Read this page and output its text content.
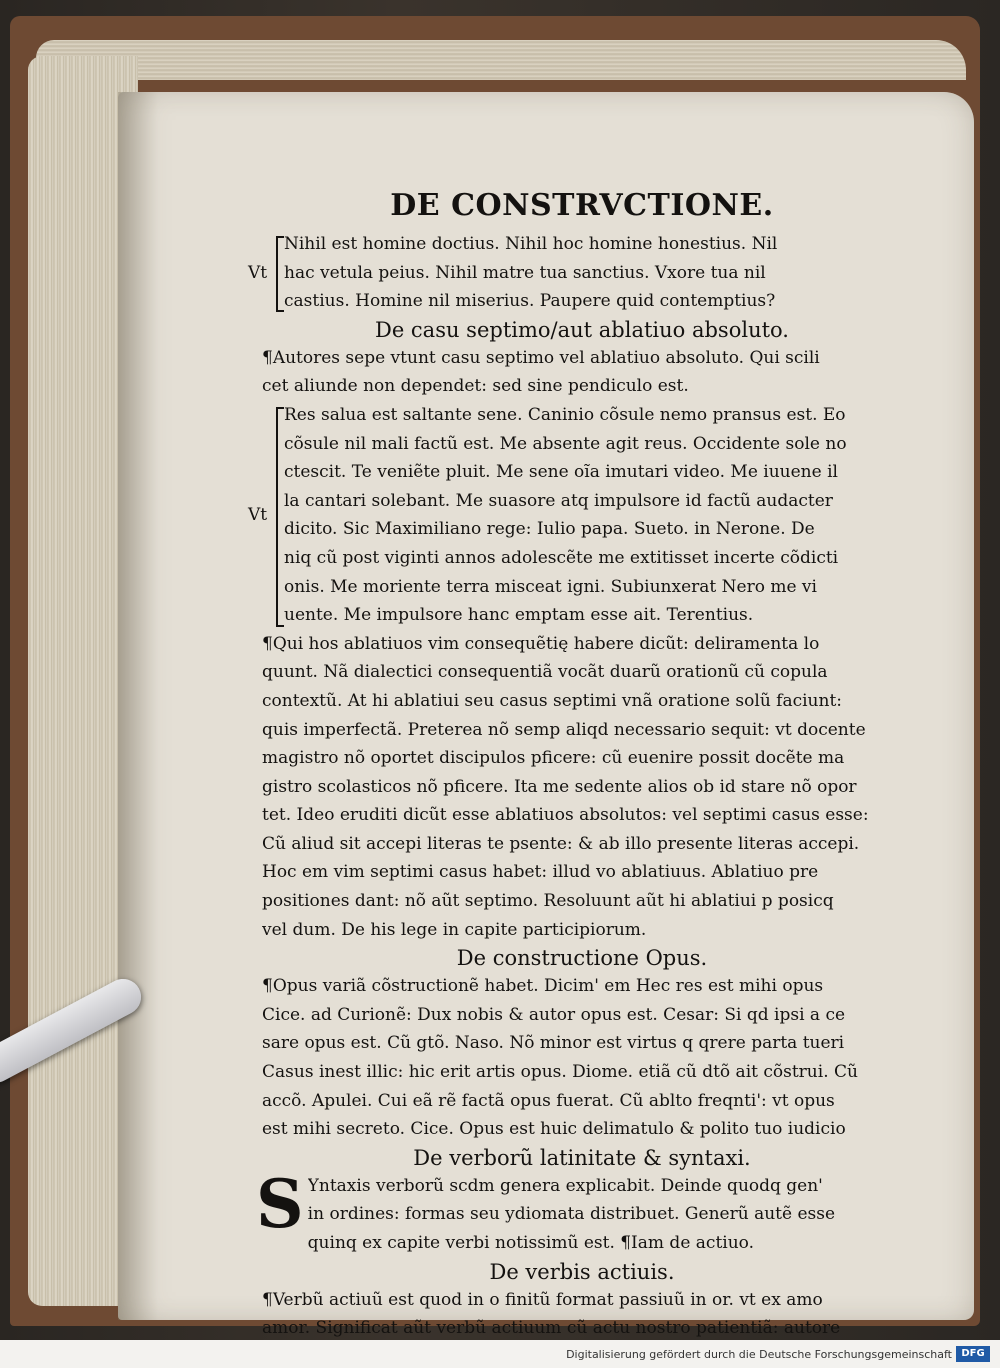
DE CONSTRVCTIONE.
Vt
Nihil est homine doctius. Nihil hoc homine honestius. Nil
hac vetula peius. Nihil matre tua sanctius. Vxore tua nil
castius. Homine nil miserius. Paupere quid contemptius?
De casu septimo/aut ablatiuo absoluto.
¶Autores sepe vtunt casu septimo vel ablatiuo absoluto. Qui scili
cet aliunde non dependet: sed sine pendiculo est.
Vt
Res salua est saltante sene. Caninio cõsule nemo pransus est. Eo
cõsule nil mali factũ est. Me absente agit reus. Occidente sole no
ctescit. Te veniẽte pluit. Me sene oĩa imutari video. Me iuuene il
la cantari solebant. Me suasore atq impulsore id factũ audacter
dicito. Sic Maximiliano rege: Iulio papa. Sueto. in Nerone. De
niq cũ post viginti annos adolescẽte me extitisset incerte cõdicti
onis. Me moriente terra misceat igni. Subiunxerat Nero me vi
uente. Me impulsore hanc emptam esse ait. Terentius.
¶Qui hos ablatiuos vim consequẽtię habere dicũt: deliramenta lo
quunt. Nã dialectici consequentiã vocãt duarũ orationũ cũ copula
contextũ. At hi ablatiui seu casus septimi vnã oratione solũ faciunt:
quis imperfectã. Preterea nõ semp aliqd necessario sequit: vt docente
magistro nõ oportet discipulos pficere: cũ euenire possit docẽte ma
gistro scolasticos nõ pficere. Ita me sedente alios ob id stare nõ opor
tet. Ideo eruditi dicũt esse ablatiuos absolutos: vel septimi casus esse:
Cũ aliud sit accepi literas te psente: & ab illo presente literas accepi.
Hoc em vim septimi casus habet: illud vo ablatiuus. Ablatiuo pre
positiones dant: nõ aũt septimo. Resoluunt aũt hi ablatiui p posicq
vel dum. De his lege in capite participiorum.
De constructione Opus.
¶Opus variã cõstructionẽ habet. Dicim' em Hec res est mihi opus
Cice. ad Curionẽ: Dux nobis & autor opus est. Cesar: Si qd ipsi a ce
sare opus est. Cũ gtõ. Naso. Nõ minor est virtus q qrere parta tueri
Casus inest illic: hic erit artis opus. Diome. etiã cũ dtõ ait cõstrui. Cũ
accõ. Apulei. Cui eã rẽ factã opus fuerat. Cũ ablto freqnti': vt opus
est mihi secreto. Cice. Opus est huic delimatulo & polito tuo iudicio
De verborũ latinitate & syntaxi.
S Yntaxis verborũ scdm genera explicabit. Deinde quodq gen'
in ordines: formas seu ydiomata distribuet. Generũ autẽ esse
quinq ex capite verbi notissimũ est. ¶Iam de actiuo.
De verbis actiuis.
¶Verbũ actiuũ est quod in o finitũ format passiuũ in or. vt ex amo
amor. Significat aũt verbũ actiuum cũ actu nostro patientiã: autore
Digitalisierung gefördert durch die Deutsche Forschungsgemeinschaft DFG
